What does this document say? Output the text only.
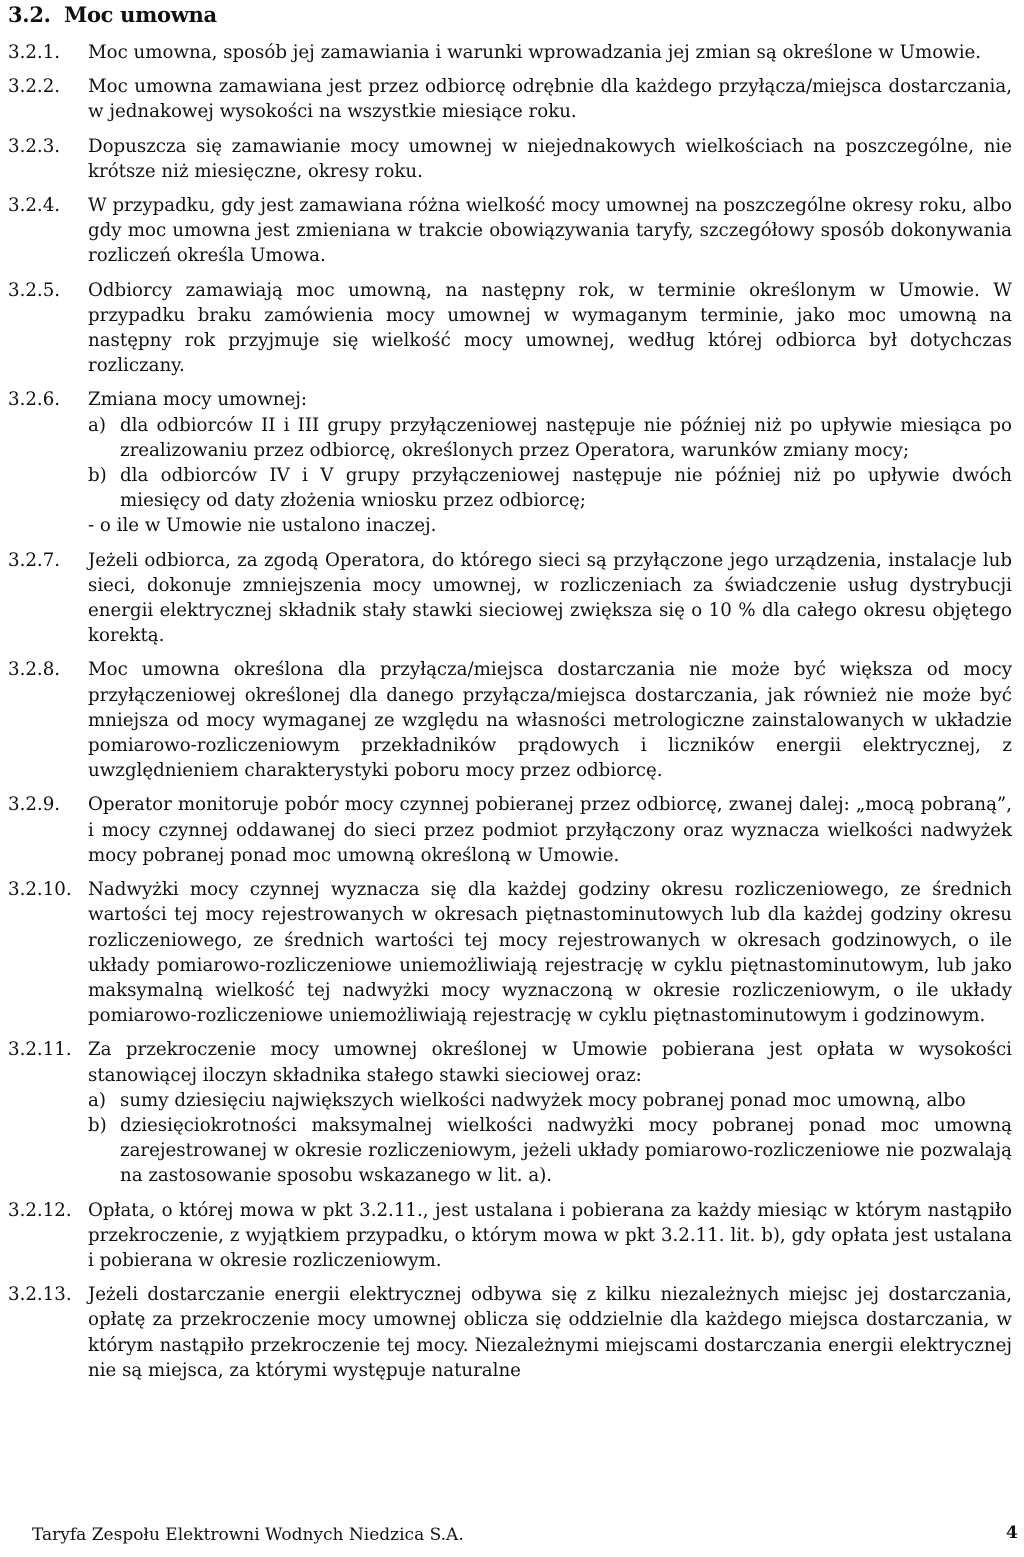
3.2. Moc umowna
3.2.1.	Moc umowna, sposób jej zamawiania i warunki wprowadzania jej zmian są określone w Umowie.
3.2.2.	Moc umowna zamawiana jest przez odbiorcę odrębnie dla każdego przyłącza/miejsca dostarczania, w jednakowej wysokości na wszystkie miesiące roku.
3.2.3.	Dopuszcza się zamawianie mocy umownej w niejednakowych wielkościach na poszczególne, nie krótsze niż miesięczne, okresy roku.
3.2.4.	W przypadku, gdy jest zamawiana różna wielkość mocy umownej na poszczególne okresy roku, albo gdy moc umowna jest zmieniana w trakcie obowiązywania taryfy, szczegółowy sposób dokonywania rozliczeń określa Umowa.
3.2.5.	Odbiorcy zamawiają moc umowną, na następny rok, w terminie określonym w Umowie. W przypadku braku zamówienia mocy umownej w wymaganym terminie, jako moc umowną na następny rok przyjmuje się wielkość mocy umownej, według której odbiorca był dotychczas rozliczany.
3.2.6.	Zmiana mocy umownej:
a) dla odbiorców II i III grupy przyłączeniowej następuje nie później niż po upływie miesiąca po zrealizowaniu przez odbiorcę, określonych przez Operatora, warunków zmiany mocy;
b) dla odbiorców IV i V grupy przyłączeniowej następuje nie później niż po upływie dwóch miesięcy od daty złożenia wniosku przez odbiorcę;
- o ile w Umowie nie ustalono inaczej.
3.2.7.	Jeżeli odbiorca, za zgodą Operatora, do którego sieci są przyłączone jego urządzenia, instalacje lub sieci, dokonuje zmniejszenia mocy umownej, w rozliczeniach za świadczenie usług dystrybucji energii elektrycznej składnik stały stawki sieciowej zwiększa się o 10 % dla całego okresu objętego korektą.
3.2.8.	Moc umowna określona dla przyłącza/miejsca dostarczania nie może być większa od mocy przyłączeniowej określonej dla danego przyłącza/miejsca dostarczania, jak również nie może być mniejsza od mocy wymaganej ze względu na własności metrologiczne zainstalowanych w układzie pomiarowo-rozliczeniowym przekładników prądowych i liczników energii elektrycznej, z uwzględnieniem charakterystyki poboru mocy przez odbiorcę.
3.2.9.	Operator monitoruje pobór mocy czynnej pobieranej przez odbiorcę, zwanej dalej: „mocą pobraną”, i mocy czynnej oddawanej do sieci przez podmiot przyłączony oraz wyznacza wielkości nadwyżek mocy pobranej ponad moc umowną określoną w Umowie.
3.2.10. Nadwyżki mocy czynnej wyznacza się dla każdej godziny okresu rozliczeniowego, ze średnich wartości tej mocy rejestrowanych w okresach piętnastominutowych lub dla każdej godziny okresu rozliczeniowego, ze średnich wartości tej mocy rejestrowanych w okresach godzinowych, o ile układy pomiarowo-rozliczeniowe uniemożliwiają rejestrację w cyklu piętnastominutowym, lub jako maksymalną wielkość tej nadwyżki mocy wyznaczoną w okresie rozliczeniowym, o ile układy pomiarowo-rozliczeniowe uniemożliwiają rejestrację w cyklu piętnastominutowym i godzinowym.
3.2.11. Za przekroczenie mocy umownej określonej w Umowie pobierana jest opłata w wysokości stanowiącej iloczyn składnika stałego stawki sieciowej oraz:
a) sumy dziesięciu największych wielkości nadwyżek mocy pobranej ponad moc umowną, albo
b) dziesięciokrotności maksymalnej wielkości nadwyżki mocy pobranej ponad moc umowną zarejestrowanej w okresie rozliczeniowym, jeżeli układy pomiarowo-rozliczeniowe nie pozwalają na zastosowanie sposobu wskazanego w lit. a).
3.2.12. Opłata, o której mowa w pkt 3.2.11., jest ustalana i pobierana za każdy miesiąc w którym nastąpiło przekroczenie, z wyjątkiem przypadku, o którym mowa w pkt 3.2.11. lit. b), gdy opłata jest ustalana i pobierana w okresie rozliczeniowym.
3.2.13. Jeżeli dostarczanie energii elektrycznej odbywa się z kilku niezależnych miejsc jej dostarczania, opłatę za przekroczenie mocy umownej oblicza się oddzielnie dla każdego miejsca dostarczania, w którym nastąpiło przekroczenie tej mocy. Niezależnymi miejscami dostarczania energii elektrycznej nie są miejsca, za którymi występuje naturalne
Taryfa Zespołu Elektrowni Wodnych Niedzica S.A.	4
